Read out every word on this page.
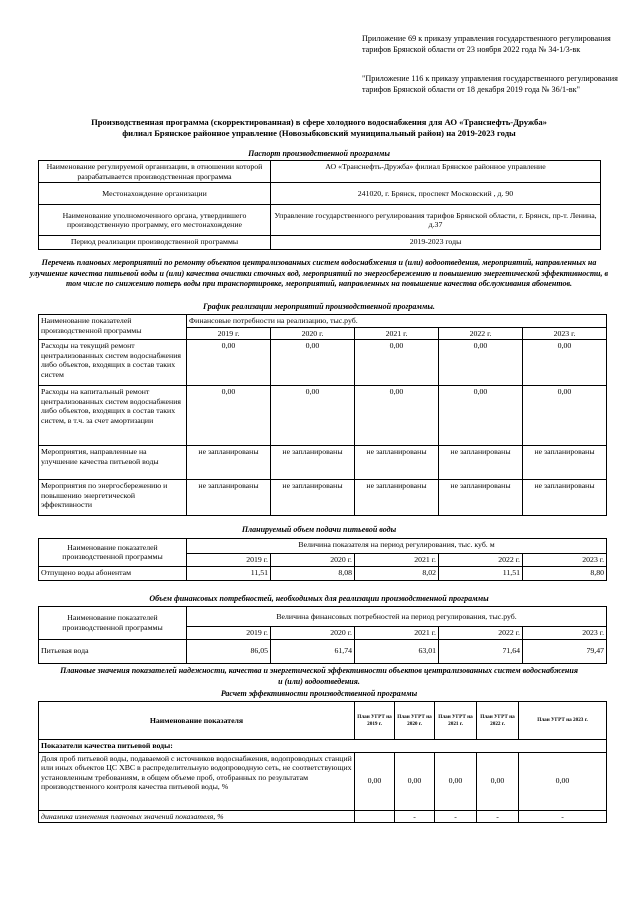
Приложение 69 к приказу управления государственного регулирования тарифов Брянской области от 23 ноября 2022 года № 34-1/3-вк
"Приложение 116 к приказу управления государственного регулирования тарифов Брянской области от 18 декабря 2019 года № 36/1-вк"
Производственная программа (скорректированная) в сфере холодного водоснабжения для АО «Транснефть-Дружба»
филиал Брянское районное управление (Новозыбковский муниципальный район) на 2019-2023 годы
Паспорт производственной программы
Наименование регулируемой организации, в отношении которой разрабатывается производственная программа	АО «Транснефть-Дружба» филиал Брянское районное управление
Местонахождение организации	241020, г. Брянск, проспект Московский , д. 90
Наименование уполномоченного органа, утвердившего производственную программу, его местонахождение	Управление государственного регулирования тарифов Брянской области, г. Брянск, пр-т. Ленина, д.37
Период реализации производственной программы	2019-2023 годы
Перечень плановых мероприятий по ремонту объектов централизованных систем водоснабжения и (или) водоотведения, мероприятий, направленных на улучшение качества питьевой воды и (или) качества очистки сточных вод, мероприятий по энергосбережению и повышению энергетической эффективности, в том числе по снижению потерь воды при транспортировке, мероприятий, направленных на повышение качества обслуживания абонентов.
График реализации мероприятий производственной программы.
Наименование показателей производственной программы	Финансовые потребности на реализацию, тыс.руб.				
	2019 г.	2020 г.	2021 г.	2022 г.	2023 г.
Расходы на текущий ремонт централизованных систем водоснабжения либо объектов, входящих в состав таких систем	0,00	0,00	0,00	0,00	0,00
Расходы на капитальный ремонт централизованных систем водоснабжения либо объектов, входящих в состав таких систем, в т.ч. за счет амортизации	0,00	0,00	0,00	0,00	0,00
Мероприятия, направленные на улучшение качества питьевой воды	не запланированы	не запланированы	не запланированы	не запланированы	не запланированы
Мероприятия по энергосбережению и повышению энергетической эффективности	не запланированы	не запланированы	не запланированы	не запланированы	не запланированы
Планируемый объем подачи питьевой воды
Наименование показателей производственной программы	Величина показателя на период регулирования, тыс. куб. м				
	2019 г.	2020 г.	2021 г.	2022 г.	2023 г.
Отпущено воды абонентам	11,51	8,08	8,02	11,51	8,80
Объем финансовых потребностей, необходимых для реализации производственной программы
Наименование показателей производственной программы	Величина финансовых потребностей на период регулирования, тыс.руб.				
	2019 г.	2020 г.	2021 г.	2022 г.	2023 г.
Питьевая вода	86,05	61,74	63,01	71,64	79,47
Плановые значения показателей надежности, качества и энергетической эффективности объектов централизованных систем водоснабжения и (или) водоотведения.
Расчет эффективности производственной программы
Наименование показателя	План УГРТ на 2019 г.	План УГРТ на 2020 г.	План УГРТ на 2021 г.	План УГРТ на 2022 г.	План УГРТ на 2023 г.
Показатели качества питьевой воды:					
Доля проб питьевой воды, подаваемой с источников водоснабжения, водопроводных станций или иных объектов ЦС ХВС в распределительную водопроводную сеть, не соответствующих установленным требованиям, в общем объеме проб, отобранных по результатам производственного контроля качества питьевой воды, %	0,00	0,00	0,00	0,00	0,00
динамика изменения плановых значений показателя, %		-	-	-	-
